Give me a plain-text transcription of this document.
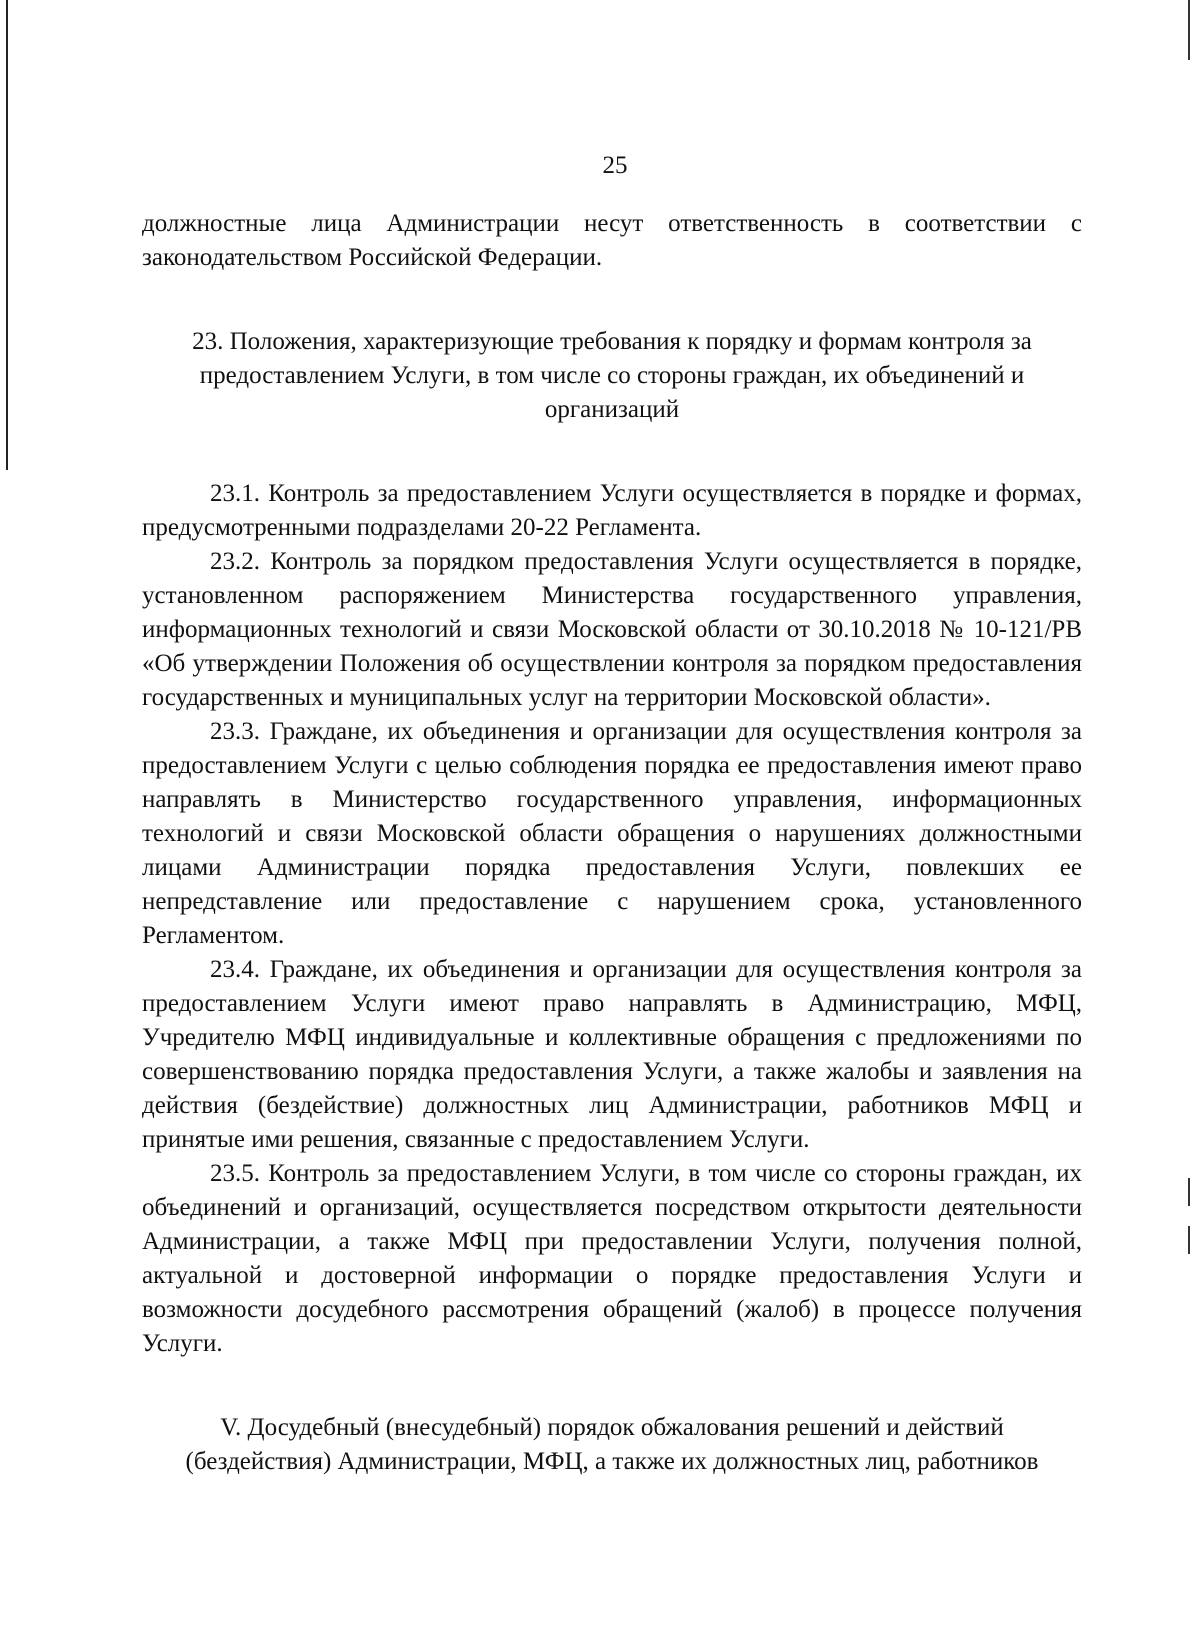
25

должностные лица Администрации несут ответственность в соответствии с законодательством Российской Федерации.

23. Положения, характеризующие требования к порядку и формам контроля за предоставлением Услуги, в том числе со стороны граждан, их объединений и организаций

23.1. Контроль за предоставлением Услуги осуществляется в порядке и формах, предусмотренными подразделами 20-22 Регламента.

23.2. Контроль за порядком предоставления Услуги осуществляется в порядке, установленном распоряжением Министерства государственного управления, информационных технологий и связи Московской области от 30.10.2018 № 10-121/РВ «Об утверждении Положения об осуществлении контроля за порядком предоставления государственных и муниципальных услуг на территории Московской области».

23.3. Граждане, их объединения и организации для осуществления контроля за предоставлением Услуги с целью соблюдения порядка ее предоставления имеют право направлять в Министерство государственного управления, информационных технологий и связи Московской области обращения о нарушениях должностными лицами Администрации порядка предоставления Услуги, повлекших ее непредставление или предоставление с нарушением срока, установленного Регламентом.

23.4. Граждане, их объединения и организации для осуществления контроля за предоставлением Услуги имеют право направлять в Администрацию, МФЦ, Учредителю МФЦ индивидуальные и коллективные обращения с предложениями по совершенствованию порядка предоставления Услуги, а также жалобы и заявления на действия (бездействие) должностных лиц Администрации, работников МФЦ и принятые ими решения, связанные с предоставлением Услуги.

23.5. Контроль за предоставлением Услуги, в том числе со стороны граждан, их объединений и организаций, осуществляется посредством открытости деятельности Администрации, а также МФЦ при предоставлении Услуги, получения полной, актуальной и достоверной информации о порядке предоставления Услуги и возможности досудебного рассмотрения обращений (жалоб) в процессе получения Услуги.

V. Досудебный (внесудебный) порядок обжалования решений и действий (бездействия) Администрации, МФЦ, а также их должностных лиц, работников
